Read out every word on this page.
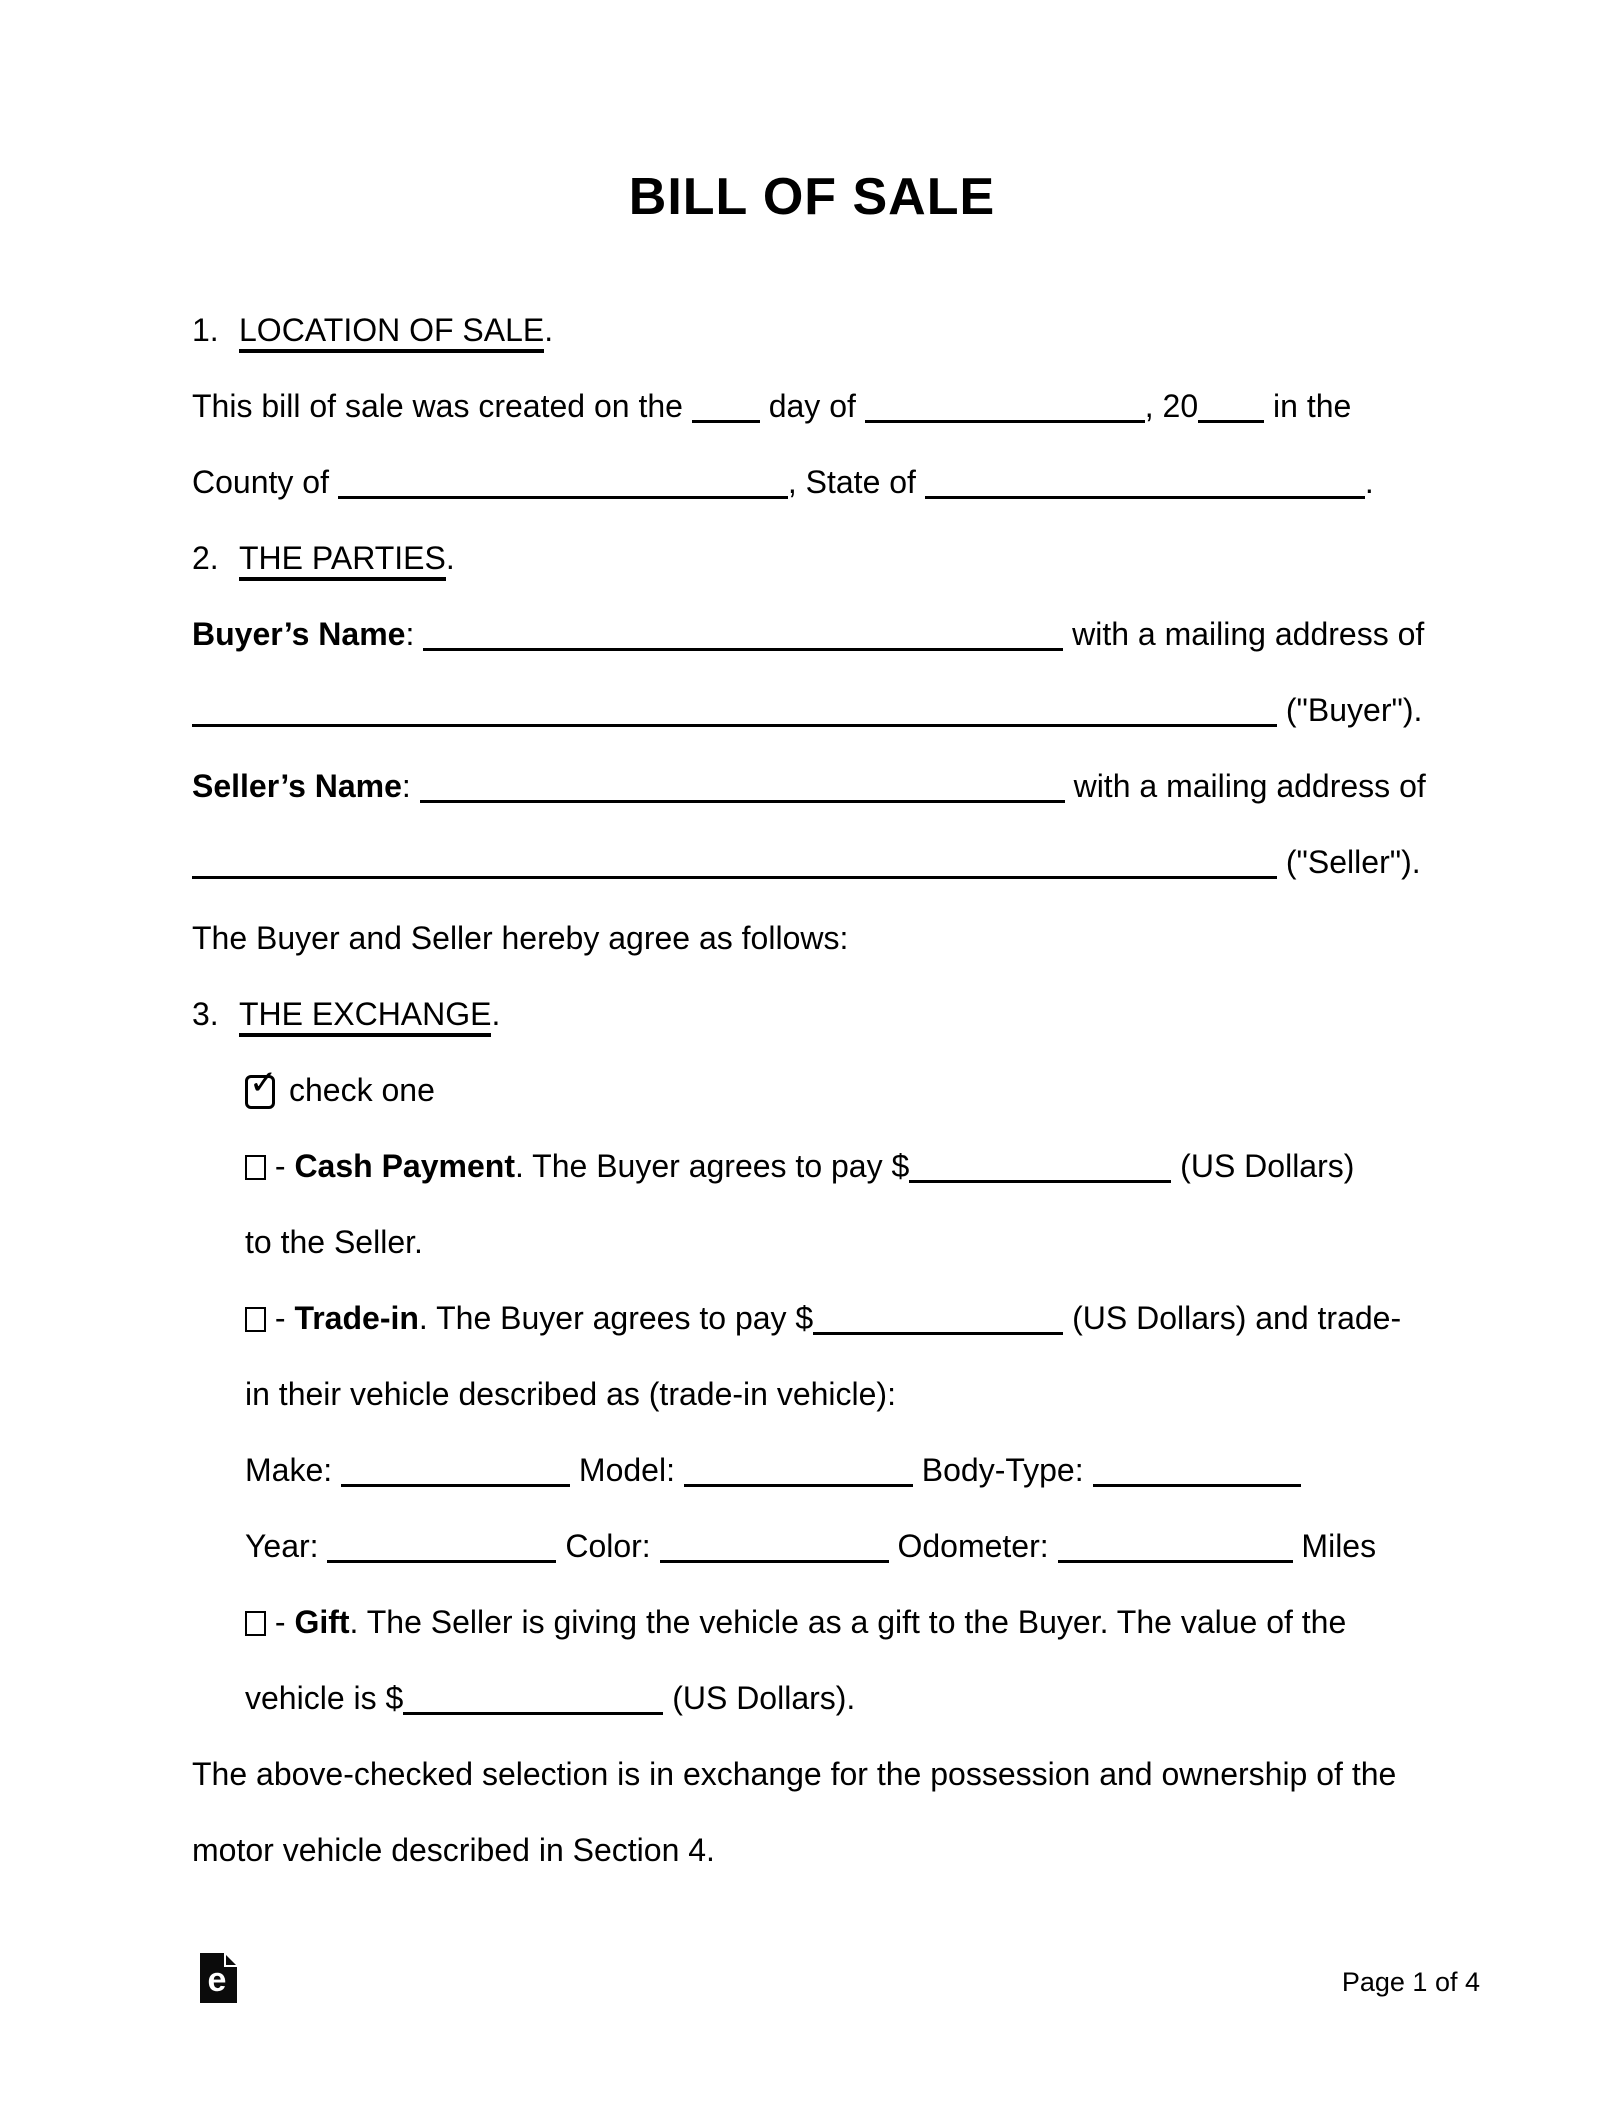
BILL OF SALE
1. LOCATION OF SALE.
This bill of sale was created on the  day of	, 20 in the
County of	, State of	.
2. THE PARTIES.
Buyer’s Name:	with a mailing address of
("Buyer").
Seller’s Name:	with a mailing address of
("Seller").
The Buyer and Seller hereby agree as follows:
3. THE EXCHANGE.
✓ check one
- Cash Payment. The Buyer agrees to pay $	(US Dollars)
to the Seller.
- Trade-in. The Buyer agrees to pay $	(US Dollars) and trade-
in their vehicle described as (trade-in vehicle):
Make:	Model:	Body-Type:
Year:	Color:	Odometer:	Miles
- Gift. The Seller is giving the vehicle as a gift to the Buyer. The value of the
vehicle is $	(US Dollars).
The above-checked selection is in exchange for the possession and ownership of the
motor vehicle described in Section 4.
e	Page 1 of 4
